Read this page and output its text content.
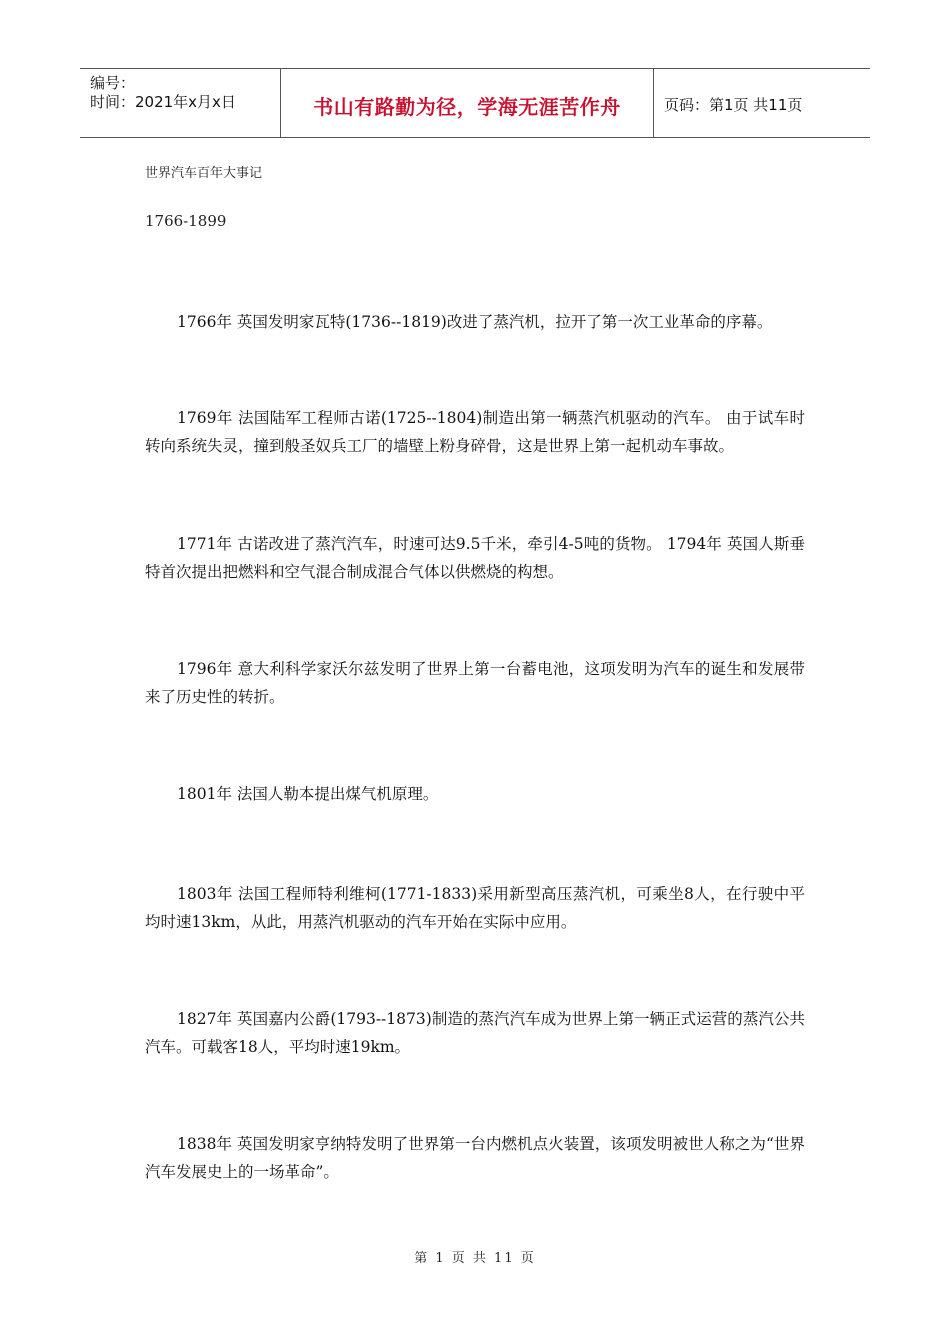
编号：
时间：2021年x月x日	书山有路勤为径，学海无涯苦作舟	页码：第1页 共11页
世界汽车百年大事记
1766-1899

1766年 英国发明家瓦特(1736--1819)改进了蒸汽机，拉开了第一次工业革命的序幕。

1769年 法国陆军工程师古诺(1725--1804)制造出第一辆蒸汽机驱动的汽车。 由于试车时转向系统失灵，撞到般圣奴兵工厂的墙壁上粉身碎骨，这是世界上第一起机动车事故。

1771年 古诺改进了蒸汽汽车，时速可达9.5千米，牵引4-5吨的货物。 1794年 英国人斯垂特首次提出把燃料和空气混合制成混合气体以供燃烧的构想。

1796年 意大利科学家沃尔兹发明了世界上第一台蓄电池，这项发明为汽车的诞生和发展带来了历史性的转折。

1801年 法国人勒本提出煤气机原理。

1803年 法国工程师特利维柯(1771-1833)采用新型高压蒸汽机，可乘坐8人，在行驶中平均时速13km，从此，用蒸汽机驱动的汽车开始在实际中应用。

1827年 英国嘉内公爵(1793--1873)制造的蒸汽汽车成为世界上第一辆正式运营的蒸汽公共汽车。可载客18人，平均时速19km。

1838年 英国发明家亨纳特发明了世界第一台内燃机点火装置，该项发明被世人称之为“世界汽车发展史上的一场革命”。

第 1 页 共 11 页
